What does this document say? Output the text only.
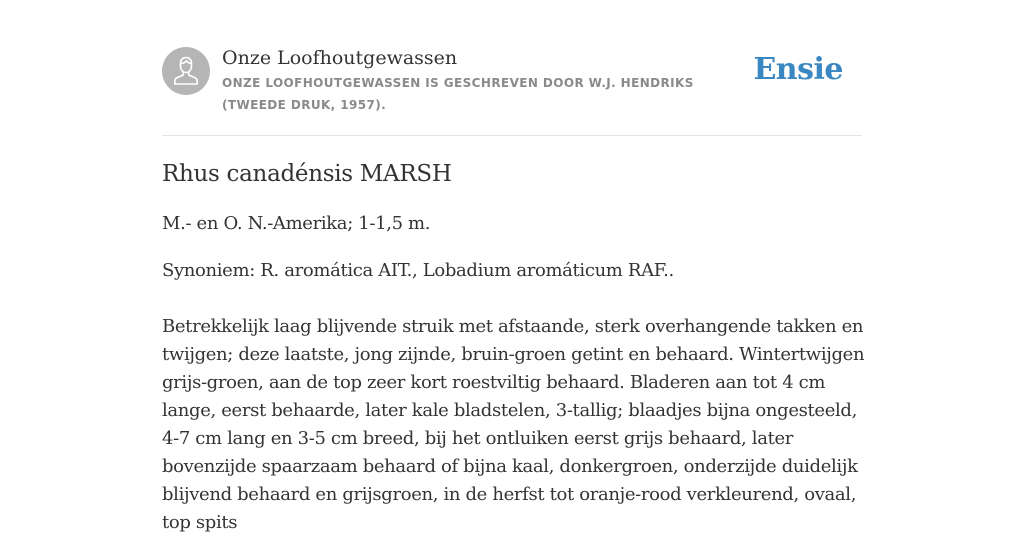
Onze Loofhoutgewassen
ONZE LOOFHOUTGEWASSEN IS GESCHREVEN DOOR W.J. HENDRIKS (TWEEDE DRUK, 1957).
Ensie
Rhus canadénsis MARSH

M.- en O. N.-Amerika; 1-1,5 m.

Synoniem: R. aromática AIT., Lobadium aromáticum RAF..

Betrekkelijk laag blijvende struik met afstaande, sterk overhangende takken en twijgen; deze laatste, jong zijnde, bruin-groen getint en behaard. Wintertwijgen grijs-groen, aan de top zeer kort roestviltig behaard. Bladeren aan tot 4 cm lange, eerst behaarde, later kale bladstelen, 3-tallig; blaadjes bijna ongesteeld, 4-7 cm lang en 3-5 cm breed, bij het ontluiken eerst grijs behaard, later bovenzijde spaarzaam behaard of bijna kaal, donkergroen, onderzijde duidelijk blijvend behaard en grijsgroen, in de herfst tot oranje-rood verkleurend, ovaal, top spits
